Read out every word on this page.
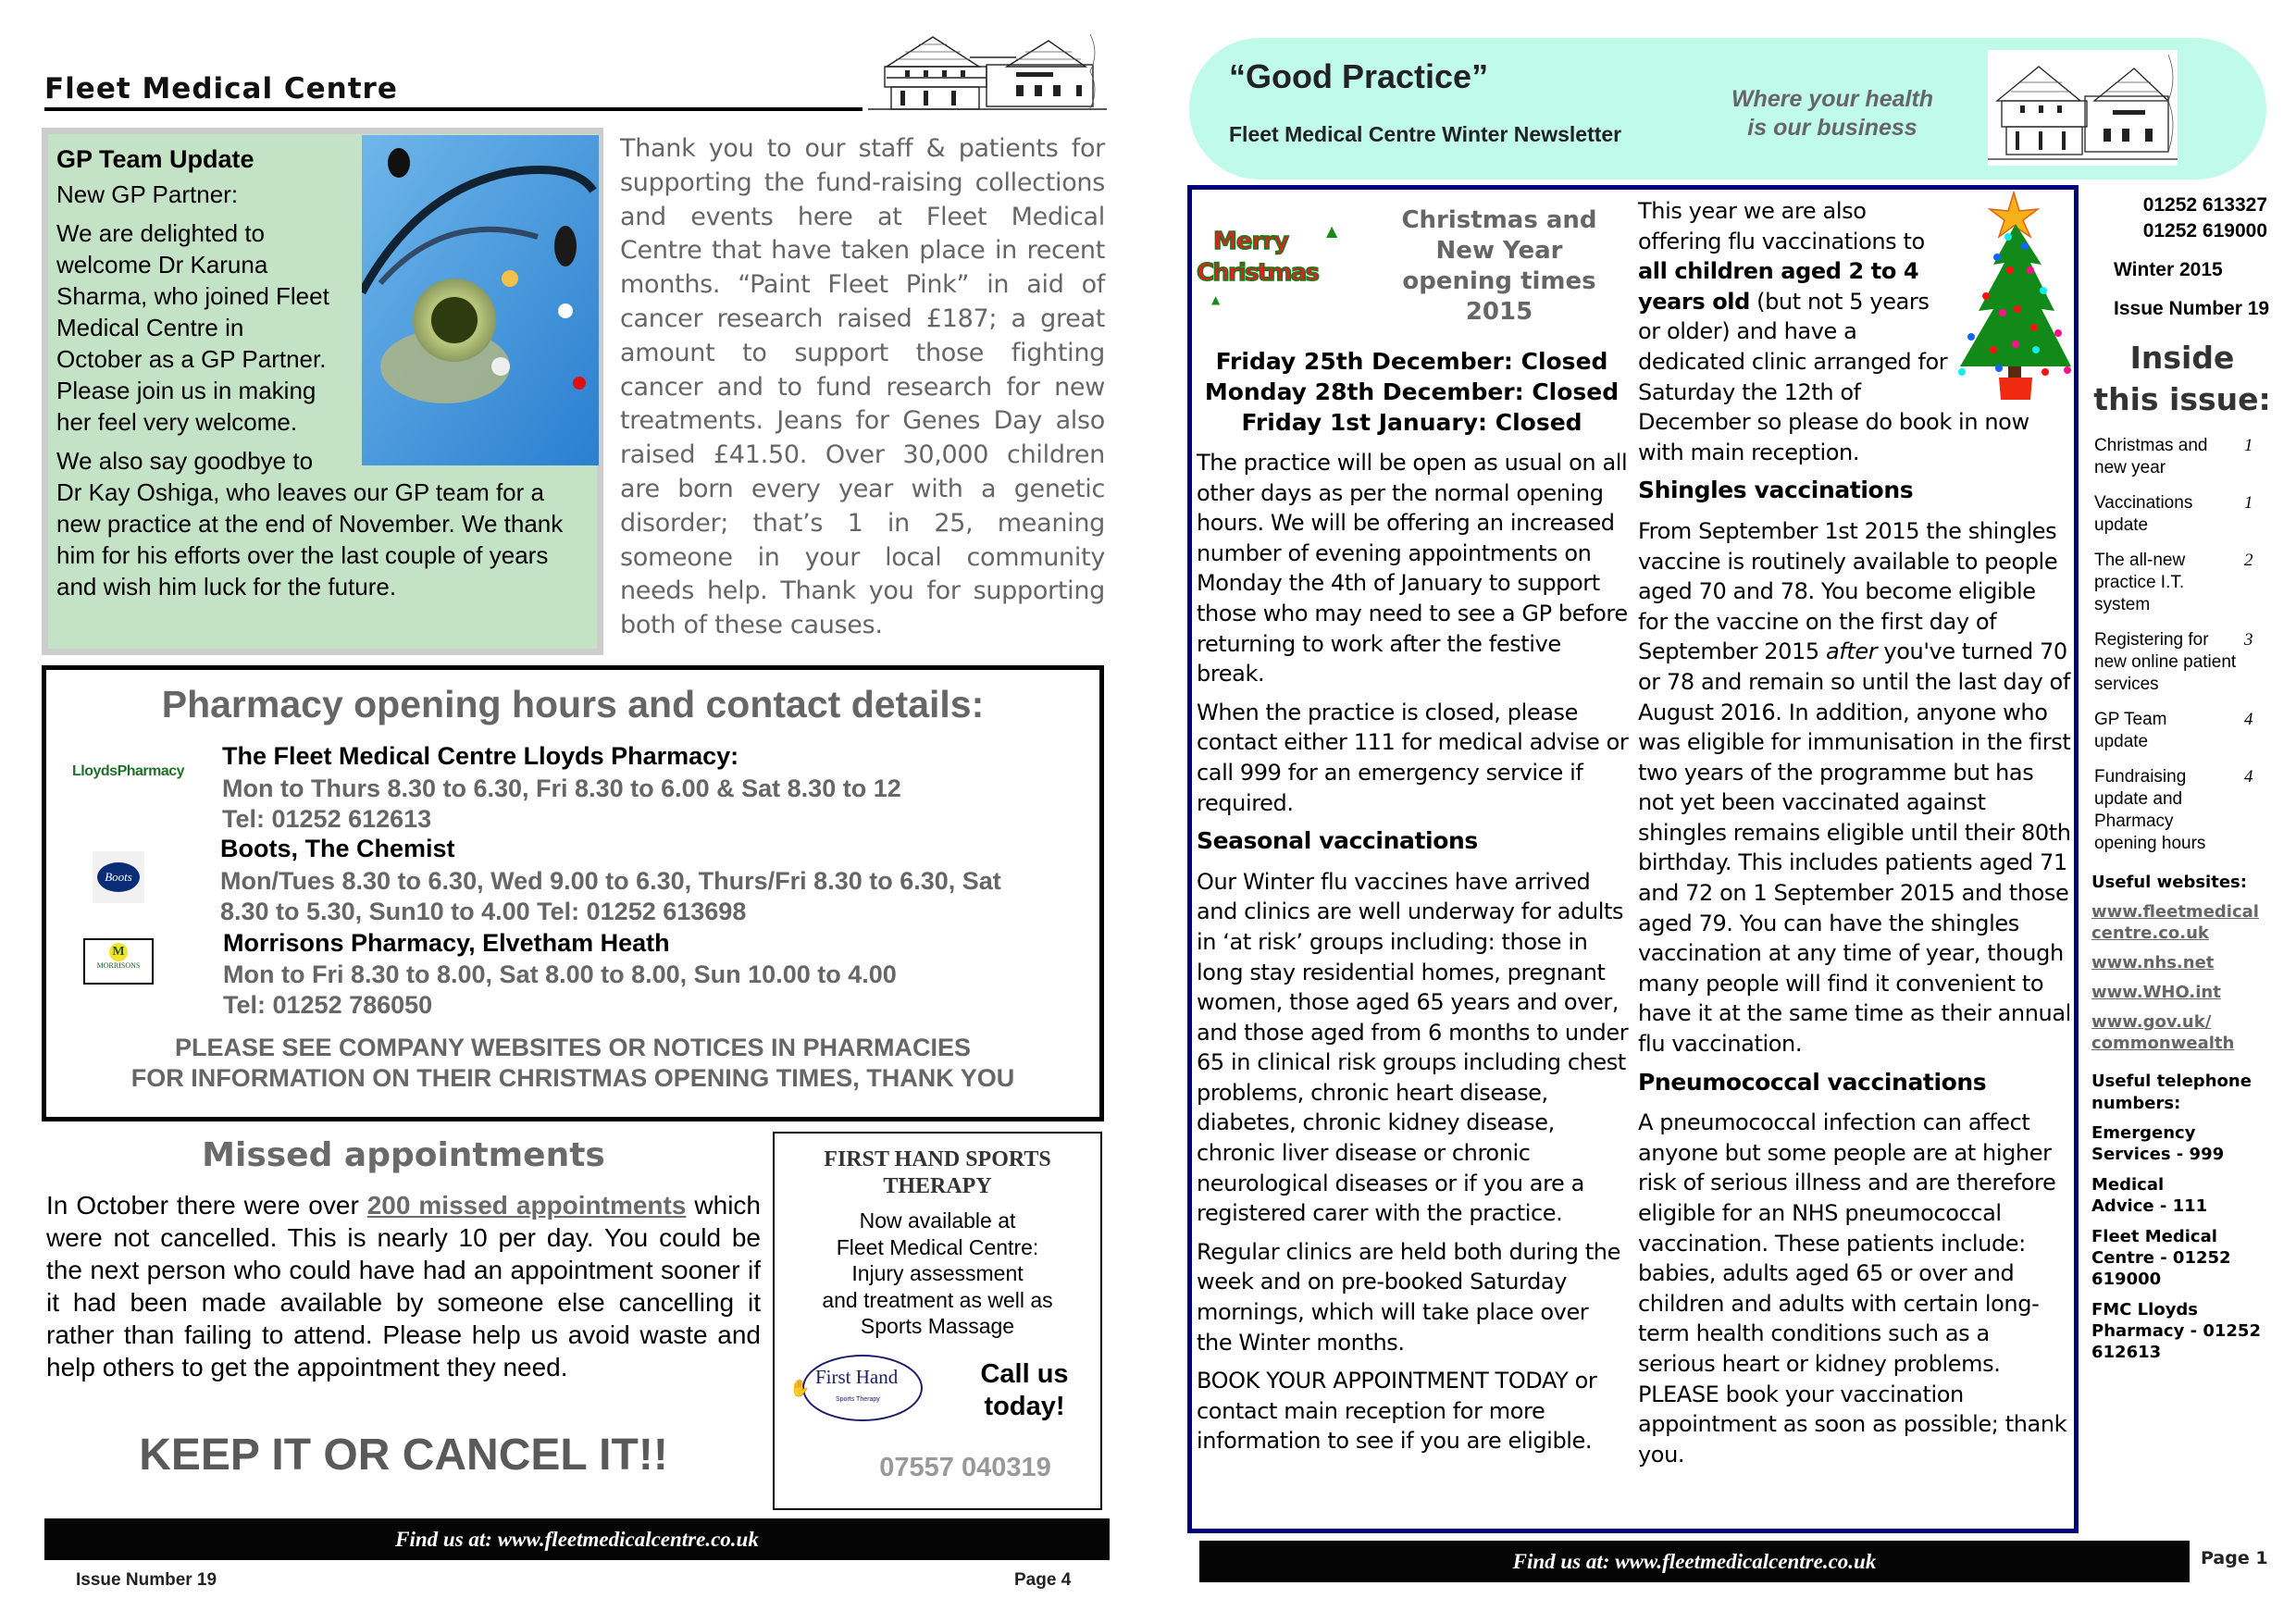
Fleet Medical Centre
GP Team Update

New GP Partner:

We are delighted to
welcome Dr Karuna
Sharma, who joined Fleet
Medical Centre in
October as a GP Partner.
Please join us in making
her feel very welcome.

We also say goodbye to
Dr Kay Oshiga, who leaves our GP team for a new practice at the end of November. We thank him for his efforts over the last couple of years and wish him luck for the future.

Thank you to our staff & patients for supporting the fund-raising collections and events here at Fleet Medical Centre that have taken place in recent months. “Paint Fleet Pink” in aid of cancer research raised £187; a great amount to support those fighting cancer and to fund research for new treatments. Jeans for Genes Day also raised £41.50. Over 30,000 children are born every year with a genetic disorder; that’s 1 in 25, meaning someone in your local community needs help. Thank you for supporting both of these causes.
Pharmacy opening hours and contact details:
LloydsPharmacy
The Fleet Medical Centre Lloyds Pharmacy:
Mon to Thurs 8.30 to 6.30, Fri 8.30 to 6.00 & Sat 8.30 to 12
Tel: 01252 612613
Boots
Boots, The Chemist
Mon/Tues 8.30 to 6.30, Wed 9.00 to 6.30, Thurs/Fri 8.30 to 6.30, Sat
8.30 to 5.30, Sun10 to 4.00 Tel: 01252 613698
M
MORRISONS
Morrisons Pharmacy, Elvetham Heath
Mon to Fri 8.30 to 8.00, Sat 8.00 to 8.00, Sun 10.00 to 4.00
Tel: 01252 786050
PLEASE SEE COMPANY WEBSITES OR NOTICES IN PHARMACIES
FOR INFORMATION ON THEIR CHRISTMAS OPENING TIMES, THANK YOU
Missed appointments
In October there were over 200 missed appointments which were not cancelled. This is nearly 10 per day. You could be the next person who could have had an appointment sooner if it had been made available by someone else cancelling it rather than failing to attend. Please help us avoid waste and help others to get the appointment they need.
KEEP IT OR CANCEL IT!!
FIRST HAND SPORTS
THERAPY
Now available at
Fleet Medical Centre:
Injury assessment
and treatment as well as
Sports Massage
✋
First Hand
Sports Therapy
Call us
today!
07557 040319
Find us at: www.fleetmedicalcentre.co.uk
Issue Number 19	Page 4
“Good Practice”
Fleet Medical Centre Winter Newsletter
Where your health
is our business
Merry
Christmas
▲
▲
Christmas and
New Year
opening times 2015
Friday 25th December: Closed
Monday 28th December: Closed
Friday 1st January: Closed

The practice will be open as usual on all other days as per the normal opening hours. We will be offering an increased number of evening appointments on Monday the 4th of January to support those who may need to see a GP before returning to work after the festive break.

When the practice is closed, please contact either 111 for medical advise or call 999 for an emergency service if required.

Seasonal vaccinations

Our Winter flu vaccines have arrived and clinics are well underway for adults in ‘at risk’ groups including: those in long stay residential homes, pregnant women, those aged 65 years and over, and those aged from 6 months to under 65 in clinical risk groups including chest problems, chronic heart disease, diabetes, chronic kidney disease, chronic liver disease or chronic neurological diseases or if you are a registered carer with the practice.

Regular clinics are held both during the week and on pre-booked Saturday mornings, which will take place over the Winter months.

BOOK YOUR APPOINTMENT TODAY or contact main reception for more information to see if you are eligible.

This year we are also offering flu vaccinations to all children aged 2 to 4 years old (but not 5 years or older) and have a dedicated clinic arranged for Saturday the 12th of December so please do book in now with main reception.

Shingles vaccinations

From September 1st 2015 the shingles vaccine is routinely available to people aged 70 and 78. You become eligible for the vaccine on the first day of September 2015 after you've turned 70 or 78 and remain so until the last day of August 2016. In addition, anyone who was eligible for immunisation in the first two years of the programme but has not yet been vaccinated against shingles remains eligible until their 80th birthday. This includes patients aged 71 and 72 on 1 September 2015 and those aged 79. You can have the shingles vaccination at any time of year, though many people will find it convenient to have it at the same time as their annual flu vaccination.

Pneumococcal vaccinations

A pneumococcal infection can affect anyone but some people are at higher risk of serious illness and are therefore eligible for an NHS pneumococcal vaccination. These patients include: babies, adults aged 65 or over and children and adults with certain long-term health conditions such as a serious heart or kidney problems. PLEASE book your vaccination appointment as soon as possible; thank you.

01252 613327
01252 619000
Winter 2015
Issue Number 19
Inside
this issue:
Christmas and new year
1
Vaccinations update
1
The all-new practice I.T. system
2
Registering for new online patient services
3
GP Team update
4
Fundraising update and Pharmacy opening hours
4
Useful websites:
www.fleetmedical centre.co.uk
www.nhs.net
www.WHO.int
www.gov.uk/ commonwealth
Useful telephone numbers:
Emergency Services - 999
Medical Advice - 111
Fleet Medical Centre - 01252 619000
FMC Lloyds Pharmacy - 01252 612613
Find us at: www.fleetmedicalcentre.co.uk	Page 1
